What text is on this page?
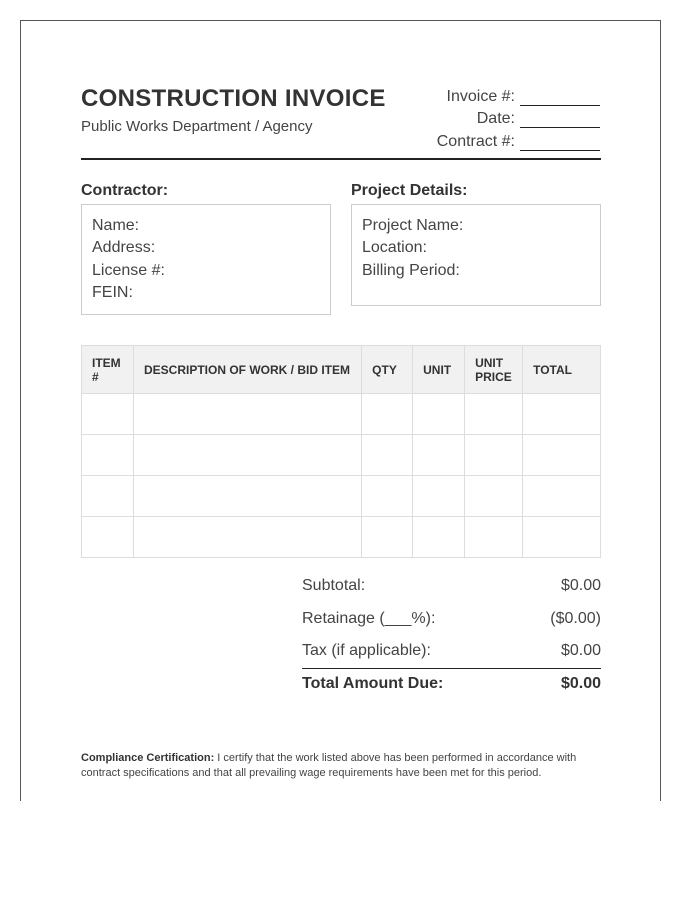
CONSTRUCTION INVOICE
Public Works Department / Agency
Invoice #:
Date:
Contract #:
Contractor:	Project Details:
Name:
Address:
License #:
FEIN:
Project Name:
Location:
Billing Period:
ITEM #	DESCRIPTION OF WORK / BID ITEM	QTY	UNIT	UNIT PRICE	TOTAL

Subtotal:	$0.00
Retainage (___%):	($0.00)
Tax (if applicable):	$0.00
Total Amount Due:	$0.00
Compliance Certification: I certify that the work listed above has been performed in accordance with contract specifications and that all prevailing wage requirements have been met for this period.
